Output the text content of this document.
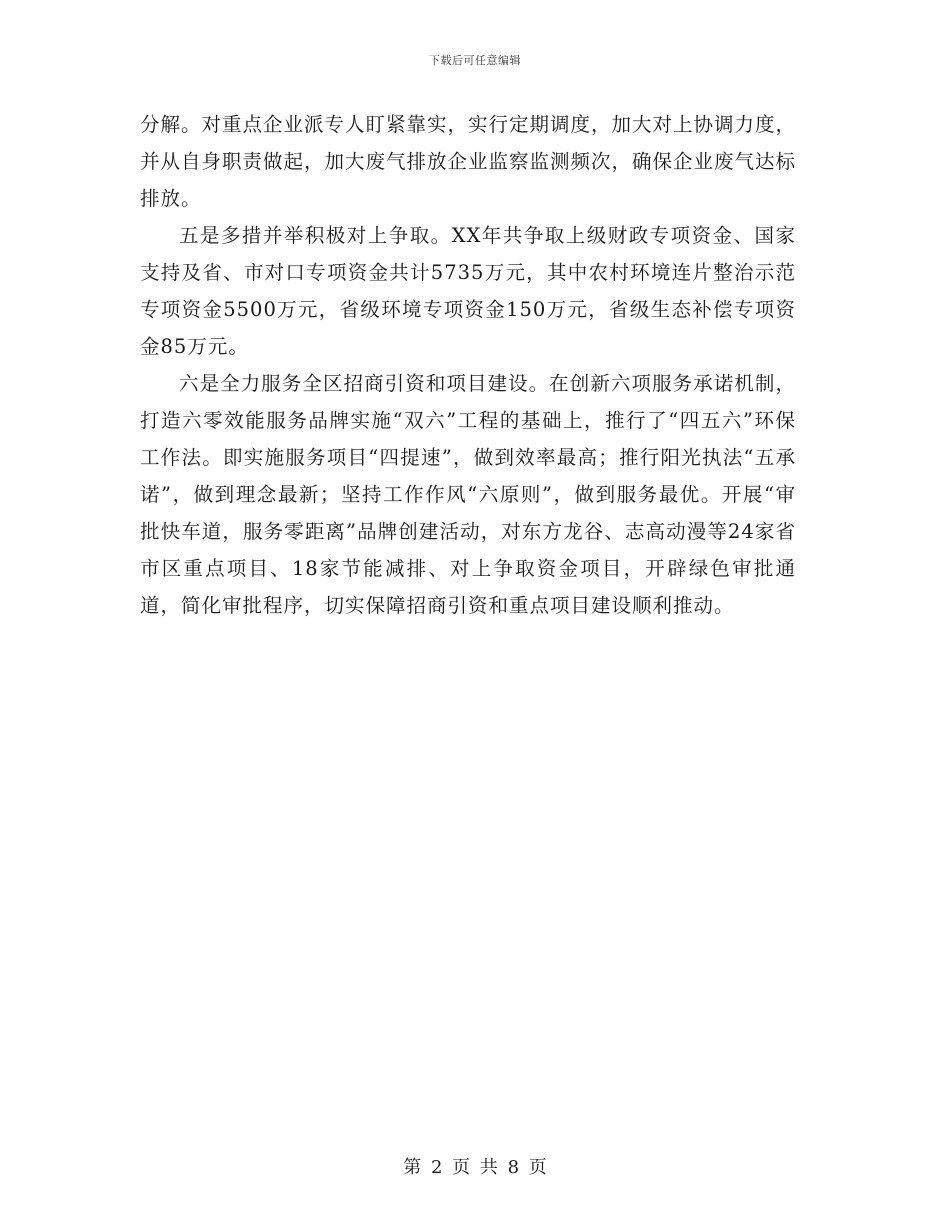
下载后可任意编辑

分解。对重点企业派专人盯紧靠实，实行定期调度，加大对上协调力度，并从自身职责做起，加大废气排放企业监察监测频次，确保企业废气达标排放。

五是多措并举积极对上争取。XX年共争取上级财政专项资金、国家支持及省、市对口专项资金共计5735万元，其中农村环境连片整治示范专项资金5500万元，省级环境专项资金150万元，省级生态补偿专项资金85万元。

六是全力服务全区招商引资和项目建设。在创新六项服务承诺机制，打造六零效能服务品牌实施“双六”工程的基础上，推行了“四五六”环保工作法。即实施服务项目“四提速”，做到效率最高；推行阳光执法“五承诺”，做到理念最新；坚持工作作风“六原则”，做到服务最优。开展“审批快车道，服务零距离”品牌创建活动，对东方龙谷、志高动漫等24家省市区重点项目、18家节能减排、对上争取资金项目，开辟绿色审批通道，简化审批程序，切实保障招商引资和重点项目建设顺利推动。

第 2 页 共 8 页
